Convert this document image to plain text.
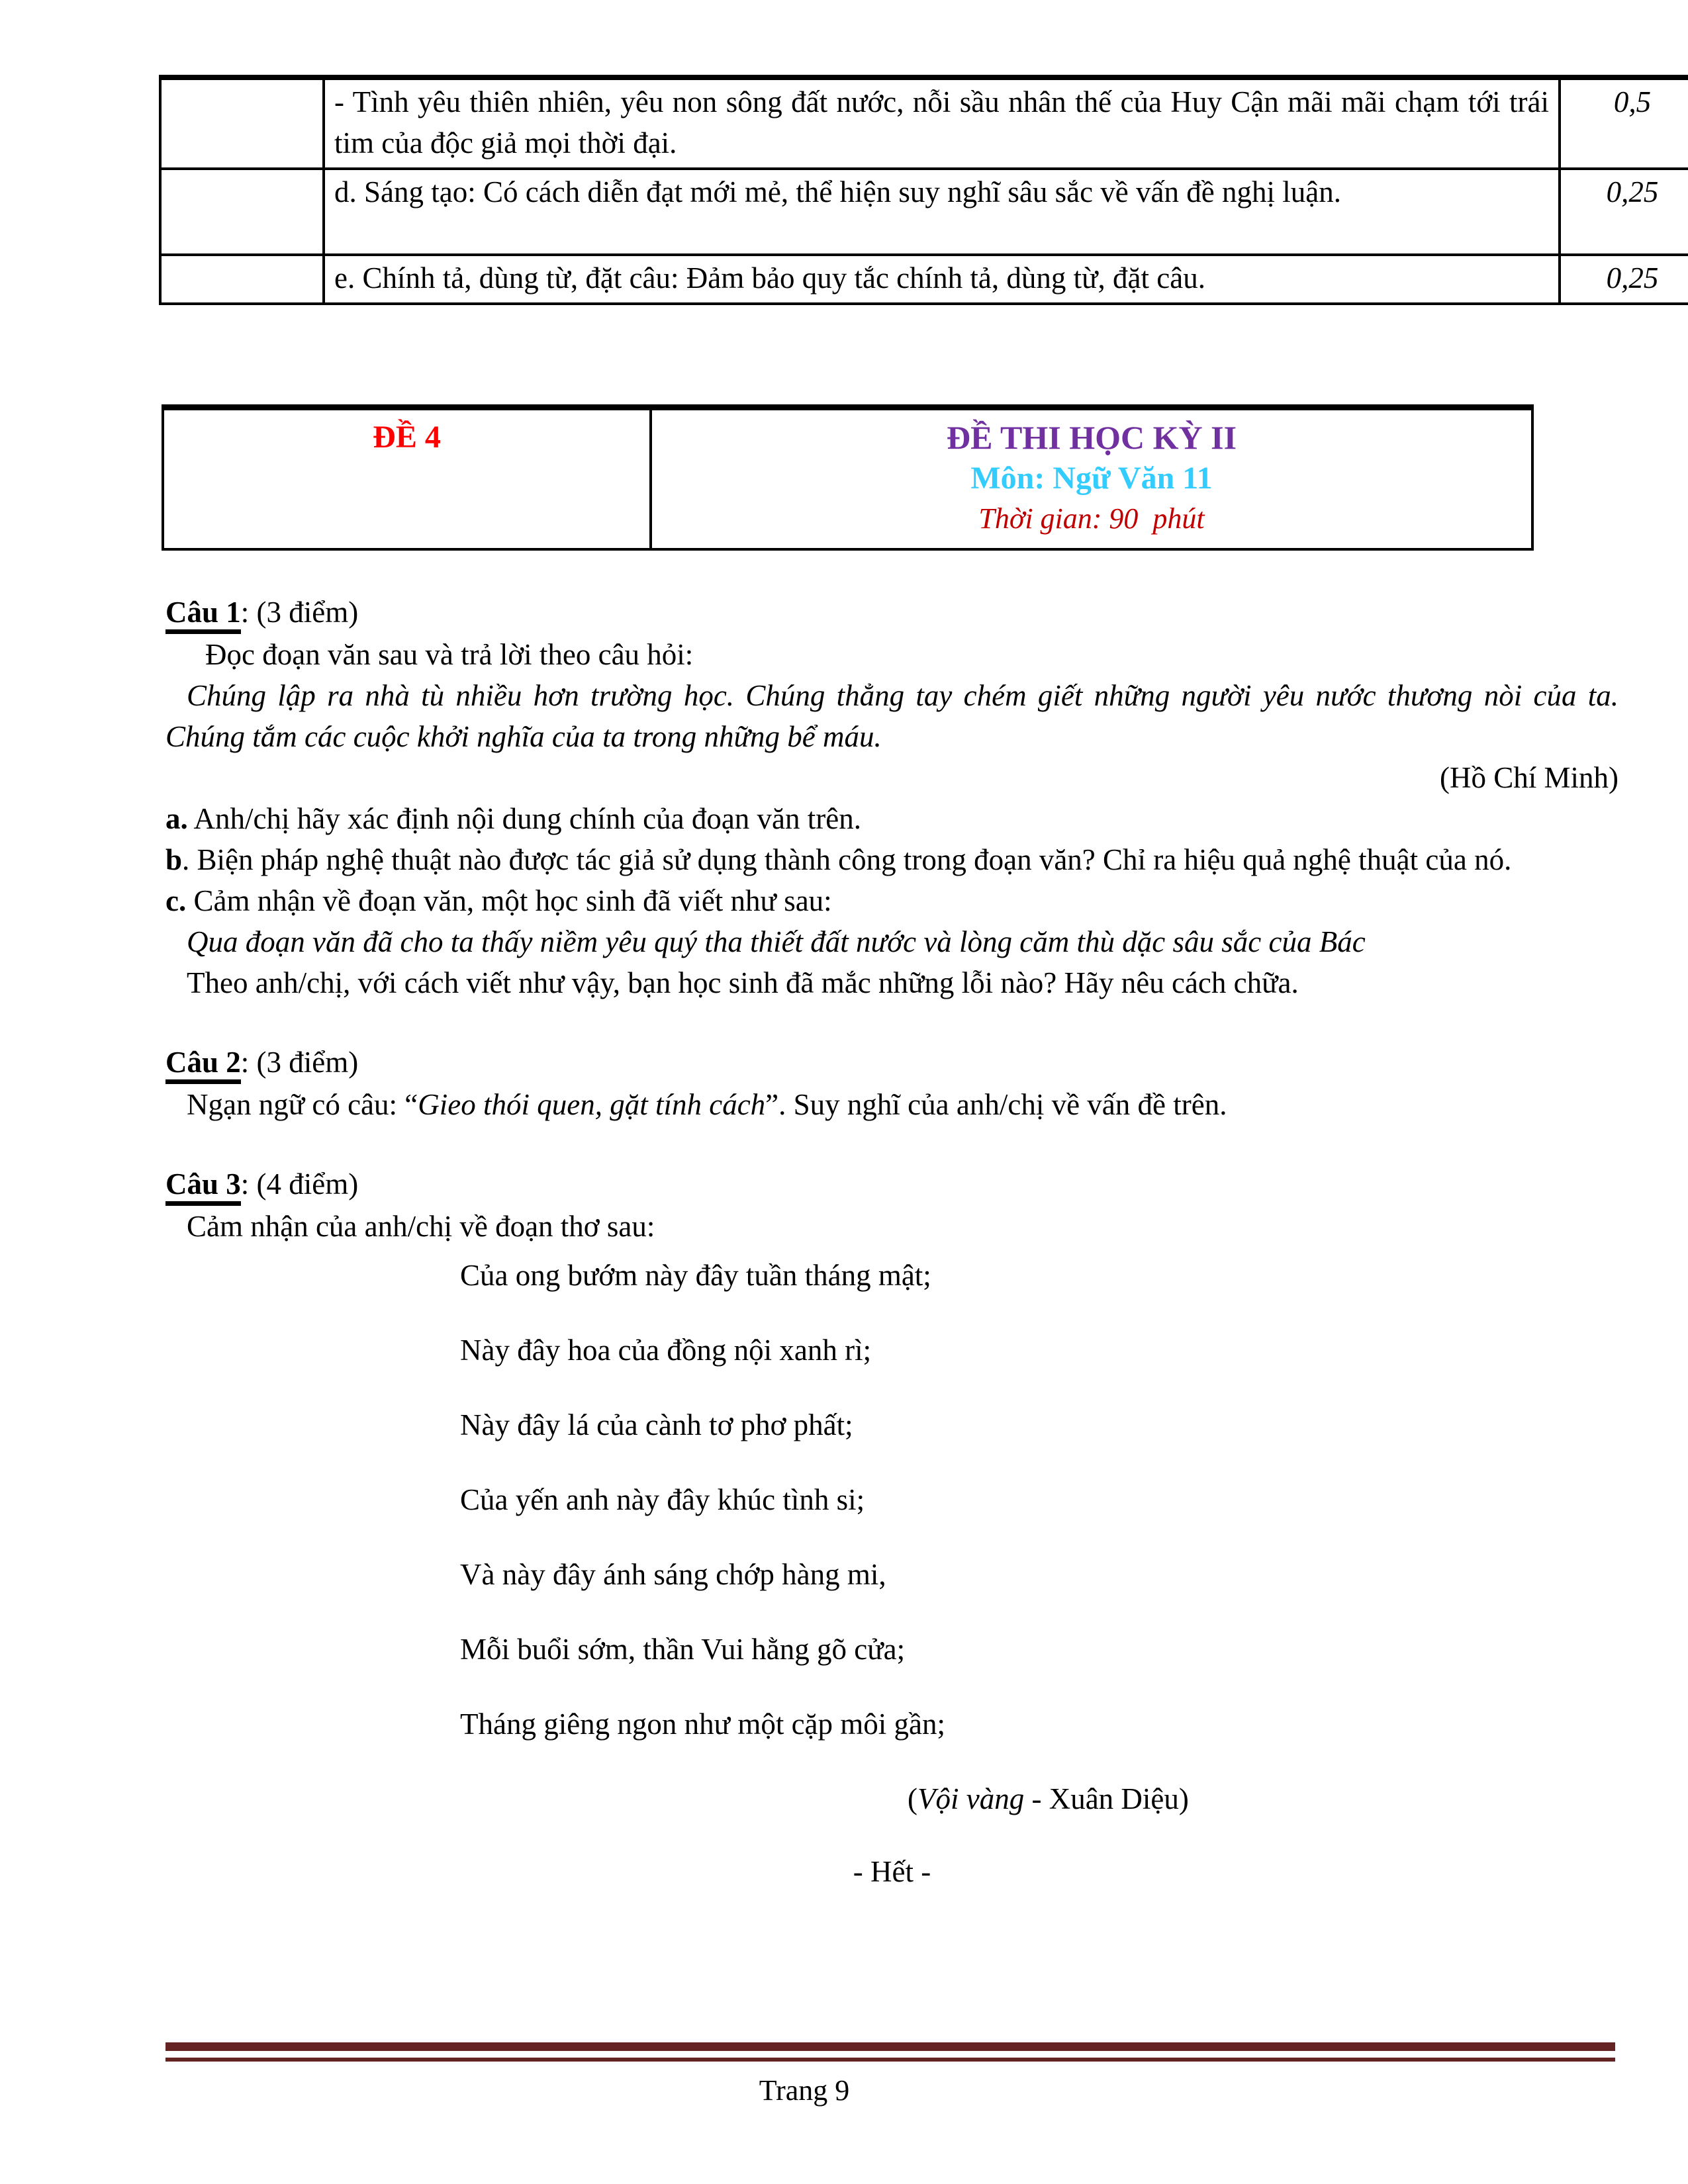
	- Tình yêu thiên nhiên, yêu non sông đất nước, nỗi sầu nhân thế của Huy Cận mãi mãi chạm tới trái tim của độc giả mọi thời đại.	0,5
	d. Sáng tạo: Có cách diễn đạt mới mẻ, thể hiện suy nghĩ sâu sắc về vấn đề nghị luận.	0,25
	e. Chính tả, dùng từ, đặt câu: Đảm bảo quy tắc chính tả, dùng từ, đặt câu.	0,25
ĐỀ 4	ĐỀ THI HỌC KỲ II
Môn: Ngữ Văn 11
Thời gian: 90  phút
Câu 1: (3 điểm)
Đọc đoạn văn sau và trả lời theo câu hỏi:
Chúng lập ra nhà tù nhiều hơn trường học. Chúng thẳng tay chém giết những người yêu nước thương nòi của ta. Chúng tắm các cuộc khởi nghĩa của ta trong những bể máu.
(Hồ Chí Minh)
a. Anh/chị hãy xác định nội dung chính của đoạn văn trên.
b. Biện pháp nghệ thuật nào được tác giả sử dụng thành công trong đoạn văn? Chỉ ra hiệu quả nghệ thuật của nó.
c. Cảm nhận về đoạn văn, một học sinh đã viết như sau:
Qua đoạn văn đã cho ta thấy niềm yêu quý tha thiết đất nước và lòng căm thù dặc sâu sắc của Bác
Theo anh/chị, với cách viết như vậy, bạn học sinh đã mắc những lỗi nào? Hãy nêu cách chữa.
Câu 2: (3 điểm)
Ngạn ngữ có câu: “Gieo thói quen, gặt tính cách”. Suy nghĩ của anh/chị về vấn đề trên.
Câu 3: (4 điểm)
Cảm nhận của anh/chị về đoạn thơ sau:
Của ong bướm này đây tuần tháng mật;
Này đây hoa của đồng nội xanh rì;
Này đây lá của cành tơ phơ phất;
Của yến anh này đây khúc tình si;
Và này đây ánh sáng chớp hàng mi,
Mỗi buổi sớm, thần Vui hằng gõ cửa;
Tháng giêng ngon như một cặp môi gần;
(Vội vàng - Xuân Diệu)
- Hết -
Trang 9
